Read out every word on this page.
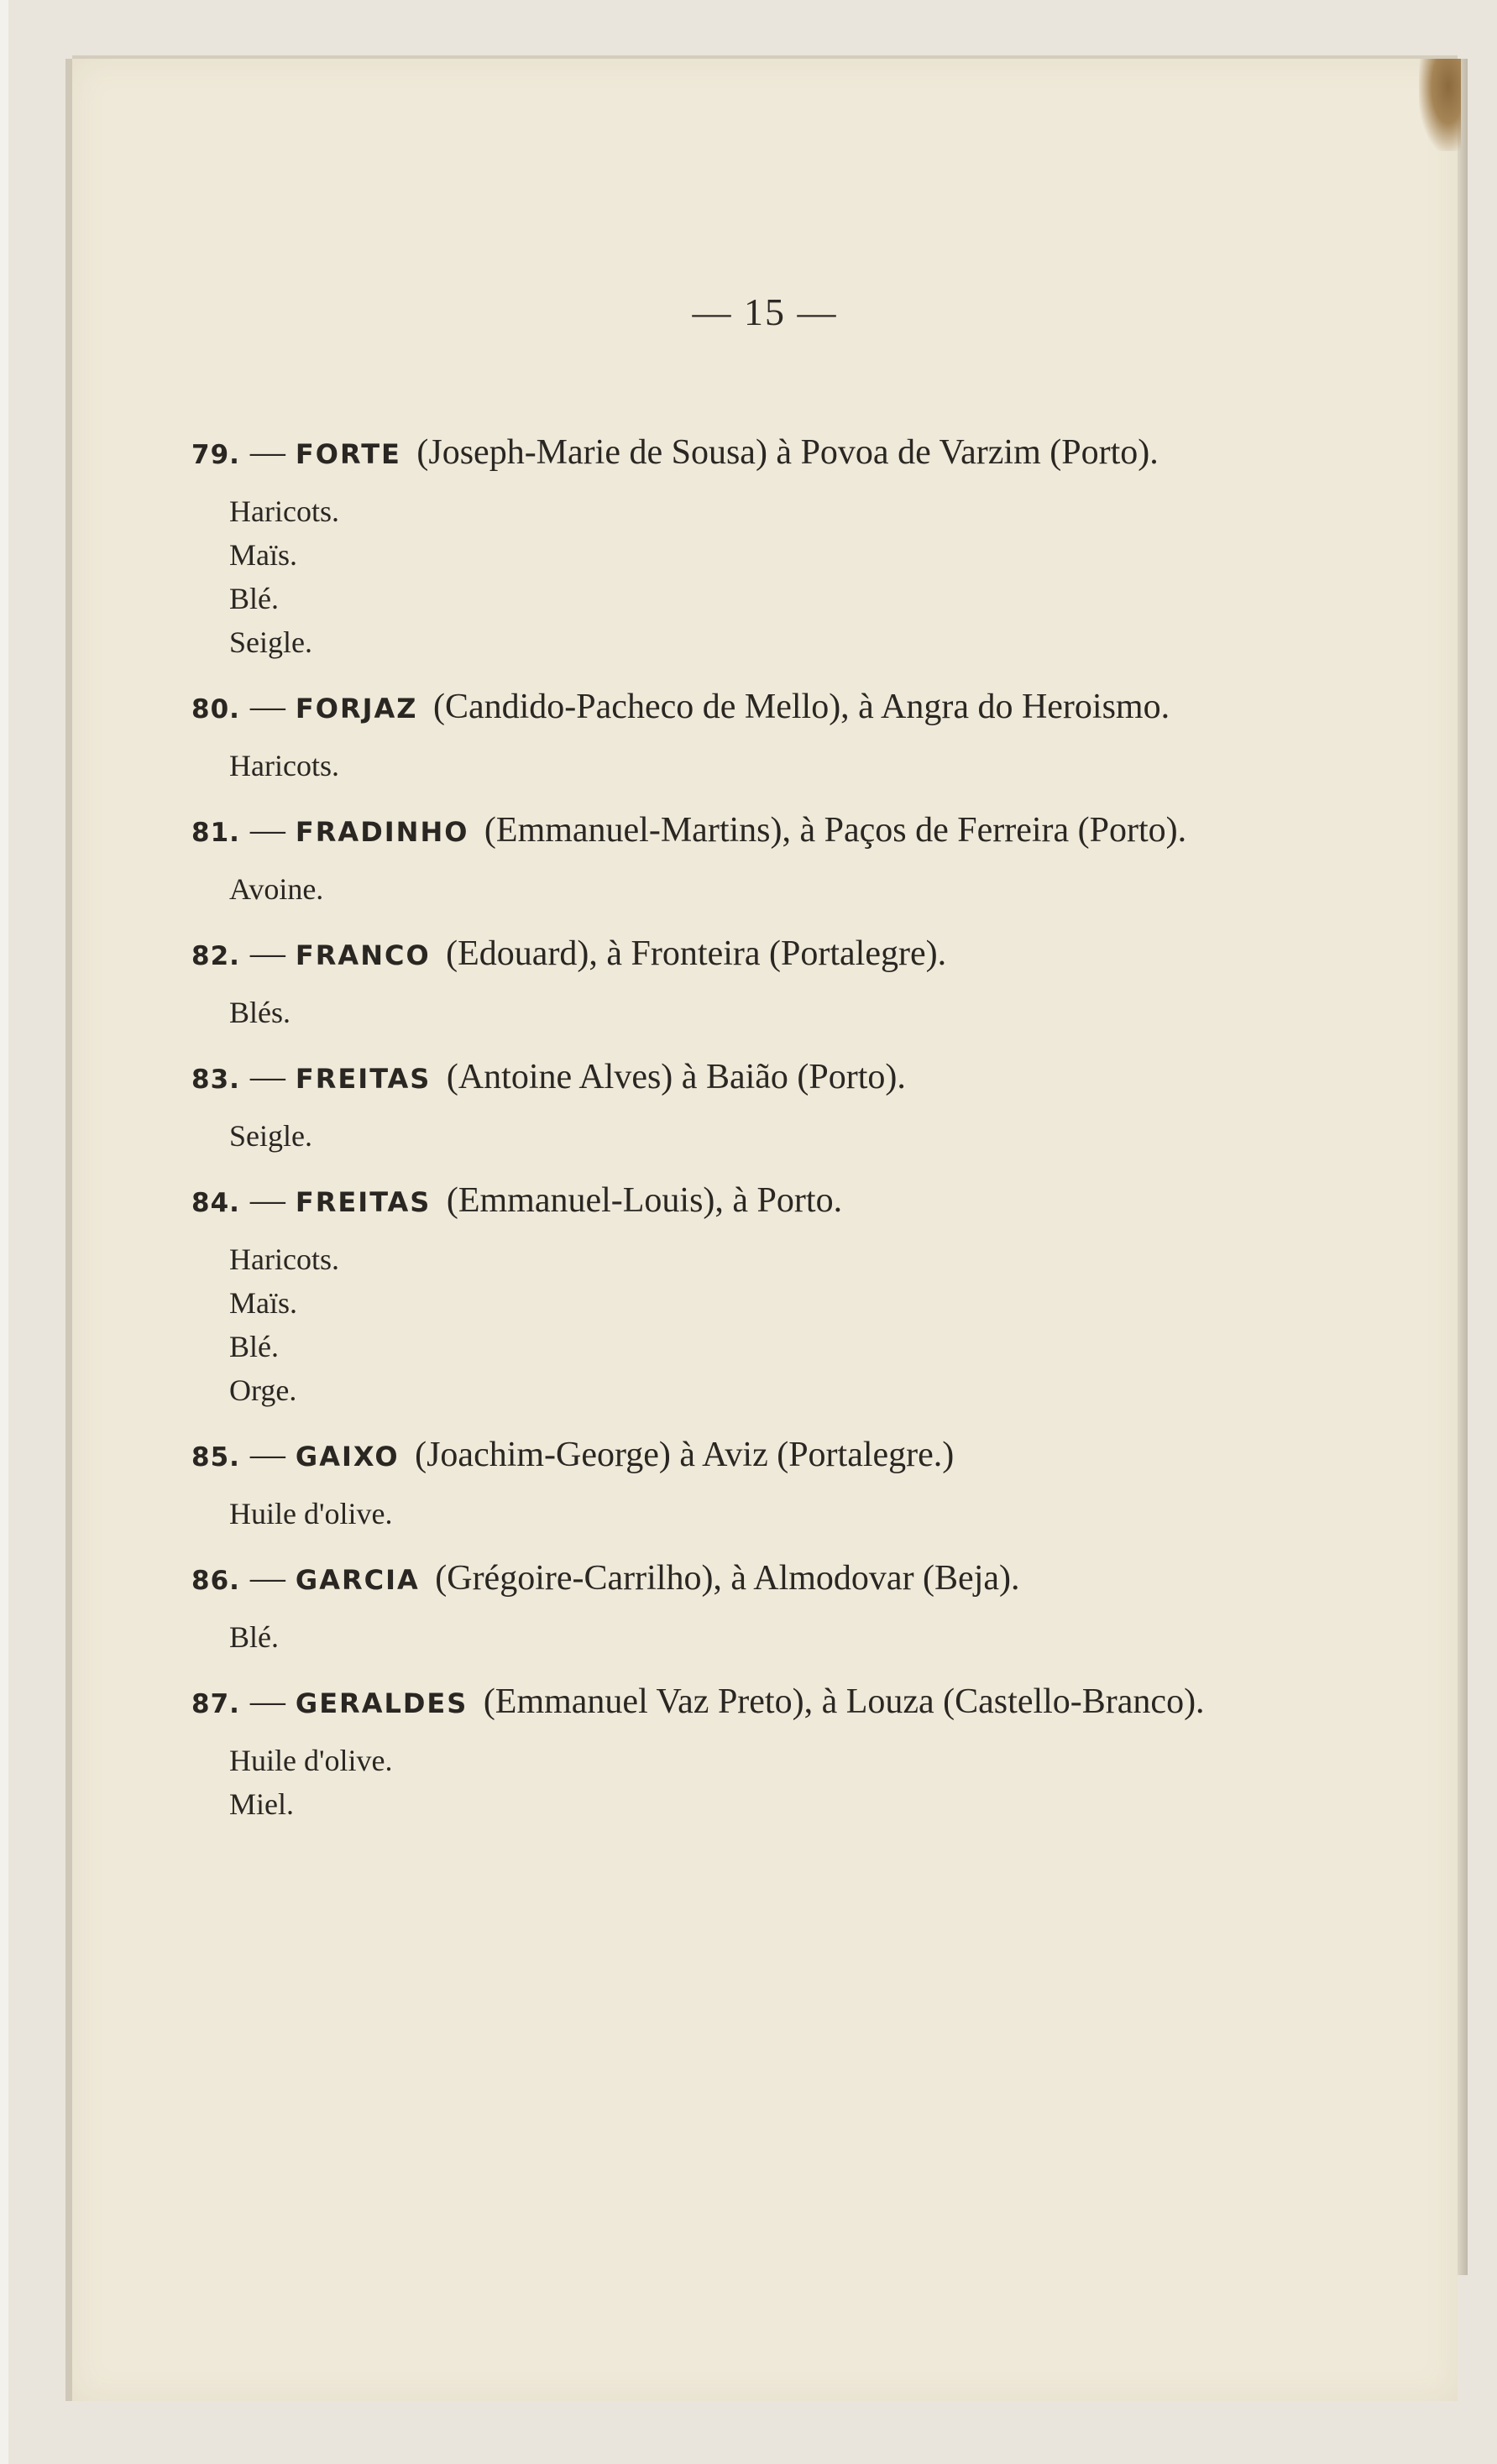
— 15 —
79. — FORTE (Joseph-Marie de Sousa) à Povoa de Varzim (Porto).
Haricots.
Maïs.
Blé.
Seigle.
80. — FORJAZ (Candido-Pacheco de Mello), à Angra do Heroismo.
Haricots.
81. — FRADINHO (Emmanuel-Martins), à Paços de Ferreira (Porto).
Avoine.
82. — FRANCO (Edouard), à Fronteira (Portalegre).
Blés.
83. — FREITAS (Antoine Alves) à Baião (Porto).
Seigle.
84. — FREITAS (Emmanuel-Louis), à Porto.
Haricots.
Maïs.
Blé.
Orge.
85. — GAIXO (Joachim-George) à Aviz (Portalegre.)
Huile d'olive.
86. — GARCIA (Grégoire-Carrilho), à Almodovar (Beja).
Blé.
87. — GERALDES (Emmanuel Vaz Preto), à Louza (Castello-Branco).
Huile d'olive.
Miel.
